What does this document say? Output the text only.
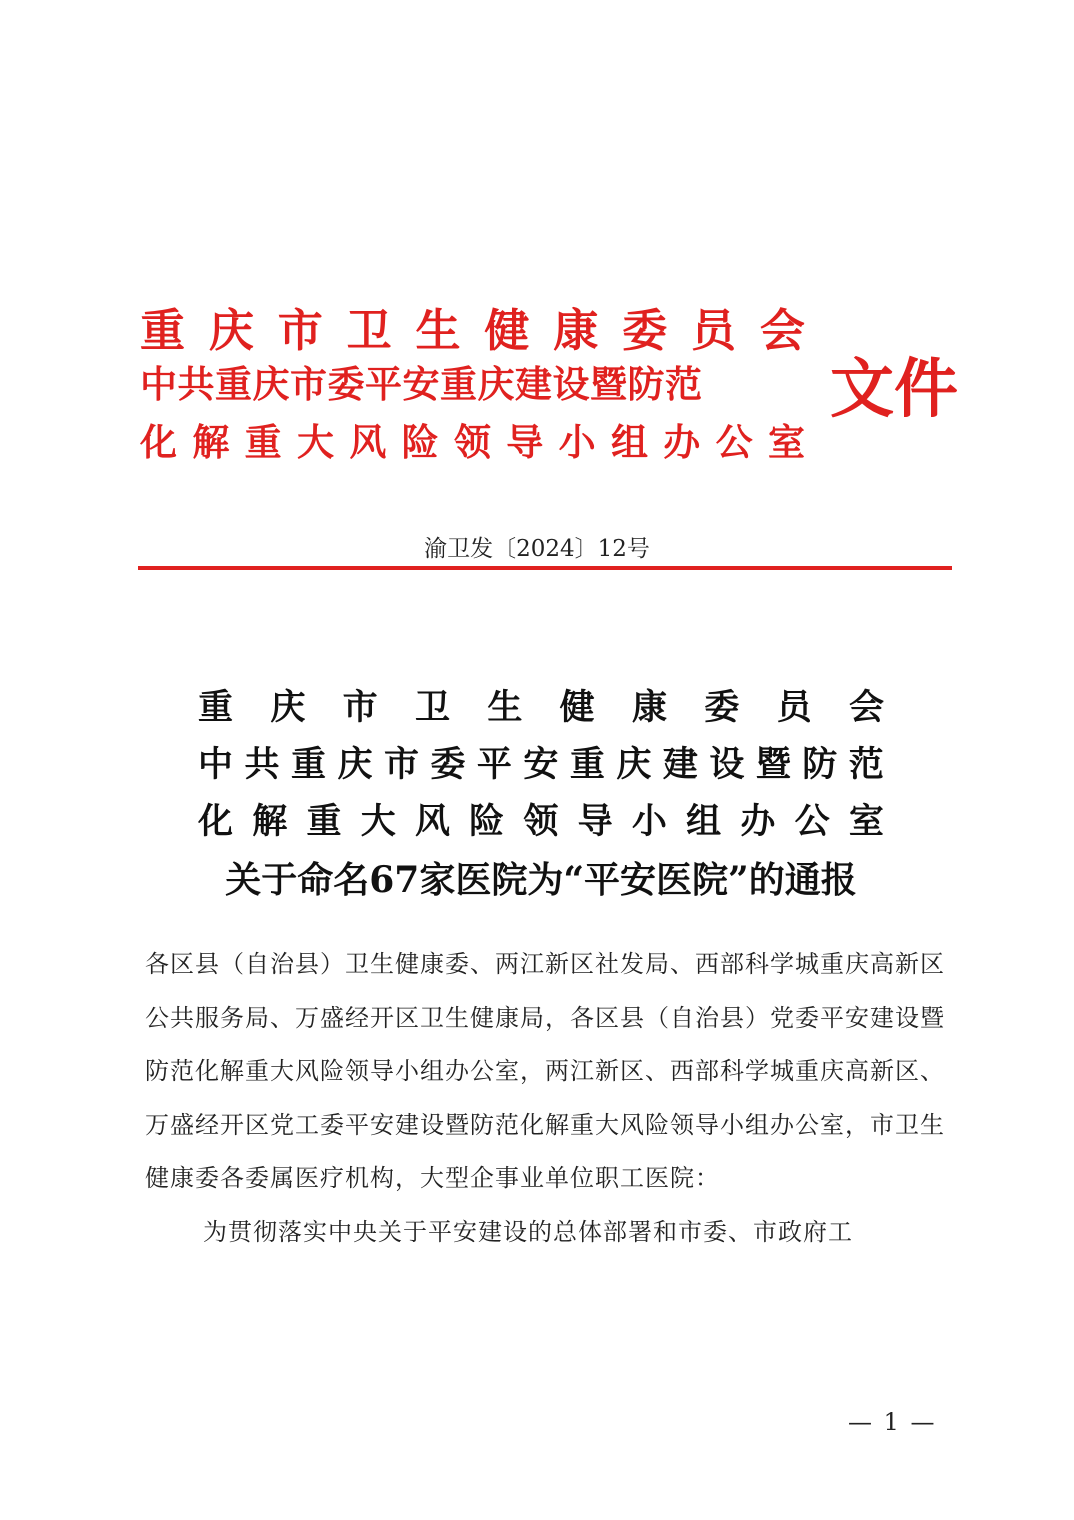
重 庆 市 卫 生 健 康 委 员 会
中共重庆市委平安重庆建设暨防范
化 解 重 大 风 险 领 导 小 组 办 公 室
文件
渝卫发〔2024〕12号
重 庆 市 卫 生 健 康 委 员 会
中 共 重 庆 市 委 平 安 重 庆 建 设 暨 防 范
化 解 重 大 风 险 领 导 小 组 办 公 室
关于命名67家医院为“平安医院”的通报

各区县（自治县）卫生健康委、两江新区社发局、西部科学城重庆高新区公共服务局、万盛经开区卫生健康局，各区县（自治县）党委平安建设暨防范化解重大风险领导小组办公室，两江新区、西部科学城重庆高新区、万盛经开区党工委平安建设暨防范化解重大风险领导小组办公室，市卫生健康委各委属医疗机构，大型企事业单位职工医院：

为贯彻落实中央关于平安建设的总体部署和市委、市政府工

— 1 —
